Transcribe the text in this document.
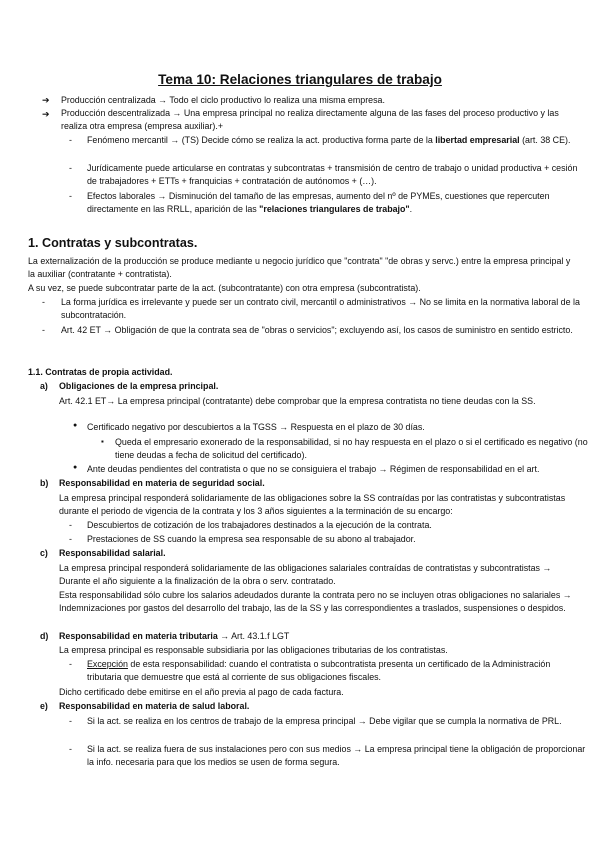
Tema 10: Relaciones triangulares de trabajo
➔ Producción centralizada → Todo el ciclo productivo lo realiza una misma empresa.
➔ Producción descentralizada → Una empresa principal no realiza directamente alguna de las fases del proceso productivo y las realiza otra empresa (empresa auxiliar).+
- Fenómeno mercantil → (TS) Decide cómo se realiza la act. productiva forma parte de la libertad empresarial (art. 38 CE).
- Jurídicamente puede articularse en contratas y subcontratas + transmisión de centro de trabajo o unidad productiva + cesión de trabajadores + ETTs + franquicias + contratación de autónomos + (…).
- Efectos laborales → Disminución del tamaño de las empresas, aumento del nº de PYMEs, cuestiones que repercuten directamente en las RRLL, aparición de las "relaciones triangulares de trabajo".
1. Contratas y subcontratas.
La externalización de la producción se produce mediante u negocio jurídico que "contrata" "de obras y servc.) entre la empresa principal y la auxiliar (contratante + contratista).
A su vez, se puede subcontratar parte de la act. (subcontratante) con otra empresa (subcontratista).
- La forma jurídica es irrelevante y puede ser un contrato civil, mercantil o administrativos → No se limita en la normativa laboral de la subcontratación.
- Art. 42 ET → Obligación de que la contrata sea de "obras o servicios"; excluyendo así, los casos de suministro en sentido estricto.
1.1. Contratas de propia actividad.
a) Obligaciones de la empresa principal.
Art. 42.1 ET→ La empresa principal (contratante) debe comprobar que la empresa contratista no tiene deudas con la SS.
● Certificado negativo por descubiertos a la TGSS → Respuesta en el plazo de 30 días.
▪ Queda el empresario exonerado de la responsabilidad, si no hay respuesta en el plazo o si el certificado es negativo (no tiene deudas a fecha de solicitud del certificado).
● Ante deudas pendientes del contratista o que no se consiguiera el trabajo → Régimen de responsabilidad en el art.
b) Responsabilidad en materia de seguridad social.
La empresa principal responderá solidariamente de las obligaciones sobre la SS contraídas por las contratistas y subcontratistas durante el periodo de vigencia de la contrata y los 3 años siguientes a la terminación de su encargo:
- Descubiertos de cotización de los trabajadores destinados a la ejecución de la contrata.
- Prestaciones de SS cuando la empresa sea responsable de su abono al trabajador.
c) Responsabilidad salarial.
La empresa principal responderá solidariamente de las obligaciones salariales contraídas de contratistas y subcontratistas → Durante el año siguiente a la finalización de la obra o serv. contratado.
Esta responsabilidad sólo cubre los salarios adeudados durante la contrata pero no se incluyen otras obligaciones no salariales → Indemnizaciones por gastos del desarrollo del trabajo, las de la SS y las correspondientes a traslados, suspensiones o despidos.
d) Responsabilidad en materia tributaria → Art. 43.1.f LGT
La empresa principal es responsable subsidiaria por las obligaciones tributarias de los contratistas.
- Excepción de esta responsabilidad: cuando el contratista o subcontratista presenta un certificado de la Administración tributaria que demuestre que está al corriente de sus obligaciones fiscales.
Dicho certificado debe emitirse en el año previa al pago de cada factura.
e) Responsabilidad en materia de salud laboral.
- Si la act. se realiza en los centros de trabajo de la empresa principal → Debe vigilar que se cumpla la normativa de PRL.
- Si la act. se realiza fuera de sus instalaciones pero con sus medios → La empresa principal tiene la obligación de proporcionar la info. necesaria para que los medios se usen de forma segura.
